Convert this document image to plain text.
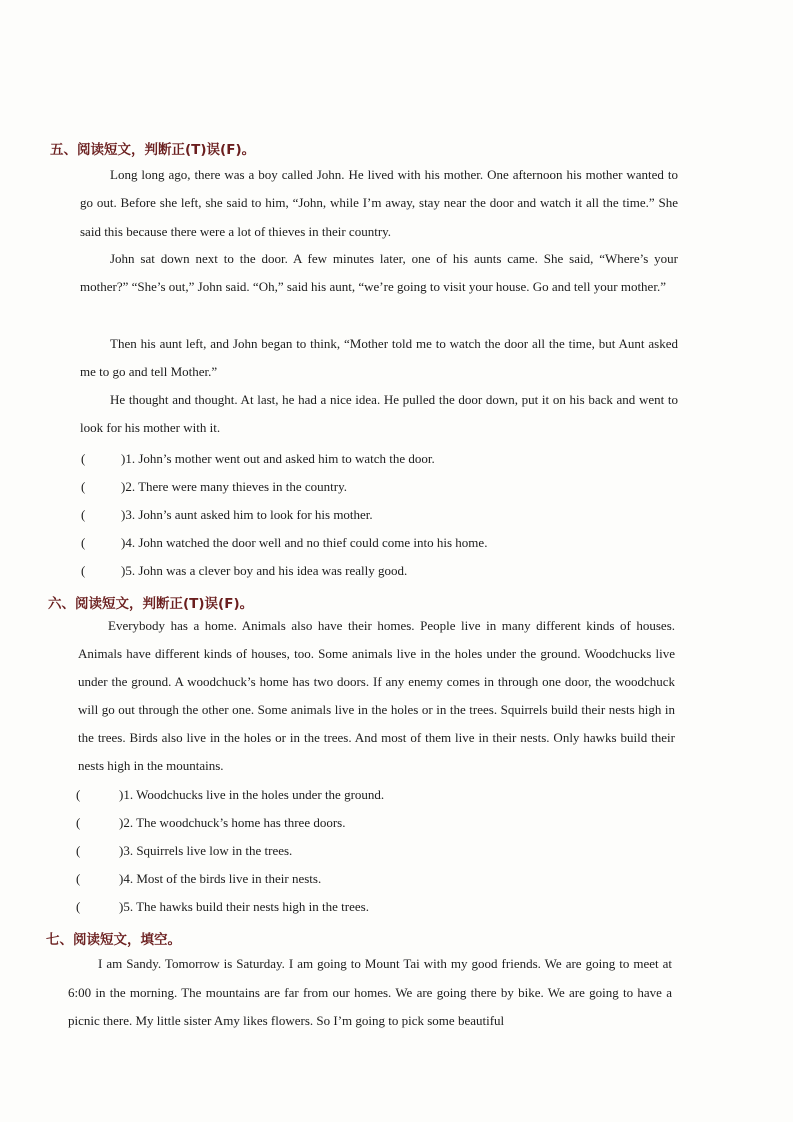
五、阅读短文，判断正(T)误(F)。

Long long ago, there was a boy called John. He lived with his mother. One afternoon his mother wanted to go out. Before she left, she said to him, “John, while I’m away, stay near the door and watch it all the time.” She said this because there were a lot of thieves in their country.

John sat down next to the door. A few minutes later, one of his aunts came. She said, “Where’s your mother?” “She’s out,” John said. “Oh,” said his aunt, “we’re going to visit your house. Go and tell your mother.”

Then his aunt left, and John began to think, “Mother told me to watch the door all the time, but Aunt asked me to go and tell Mother.”

He thought and thought. At last, he had a nice idea. He pulled the door down, put it on his back and went to look for his mother with it.

(	)1. John’s mother went out and asked him to watch the door.
(	)2. There were many thieves in the country.
(	)3. John’s aunt asked him to look for his mother.
(	)4. John watched the door well and no thief could come into his home.
(	)5. John was a clever boy and his idea was really good.
六、阅读短文，判断正(T)误(F)。

Everybody has a home. Animals also have their homes. People live in many different kinds of houses. Animals have different kinds of houses, too. Some animals live in the holes under the ground. Woodchucks live under the ground. A woodchuck’s home has two doors. If any enemy comes in through one door, the woodchuck will go out through the other one. Some animals live in the holes or in the trees. Squirrels build their nests high in the trees. Birds also live in the holes or in the trees. And most of them live in their nests. Only hawks build their nests high in the mountains.

(	)1. Woodchucks live in the holes under the ground.
(	)2. The woodchuck’s home has three doors.
(	)3. Squirrels live low in the trees.
(	)4. Most of the birds live in their nests.
(	)5. The hawks build their nests high in the trees.
七、阅读短文，填空。

I am Sandy. Tomorrow is Saturday. I am going to Mount Tai with my good friends. We are going to meet at 6:00 in the morning. The mountains are far from our homes. We are going there by bike. We are going to have a picnic there. My little sister Amy likes flowers. So I’m going to pick some beautiful
